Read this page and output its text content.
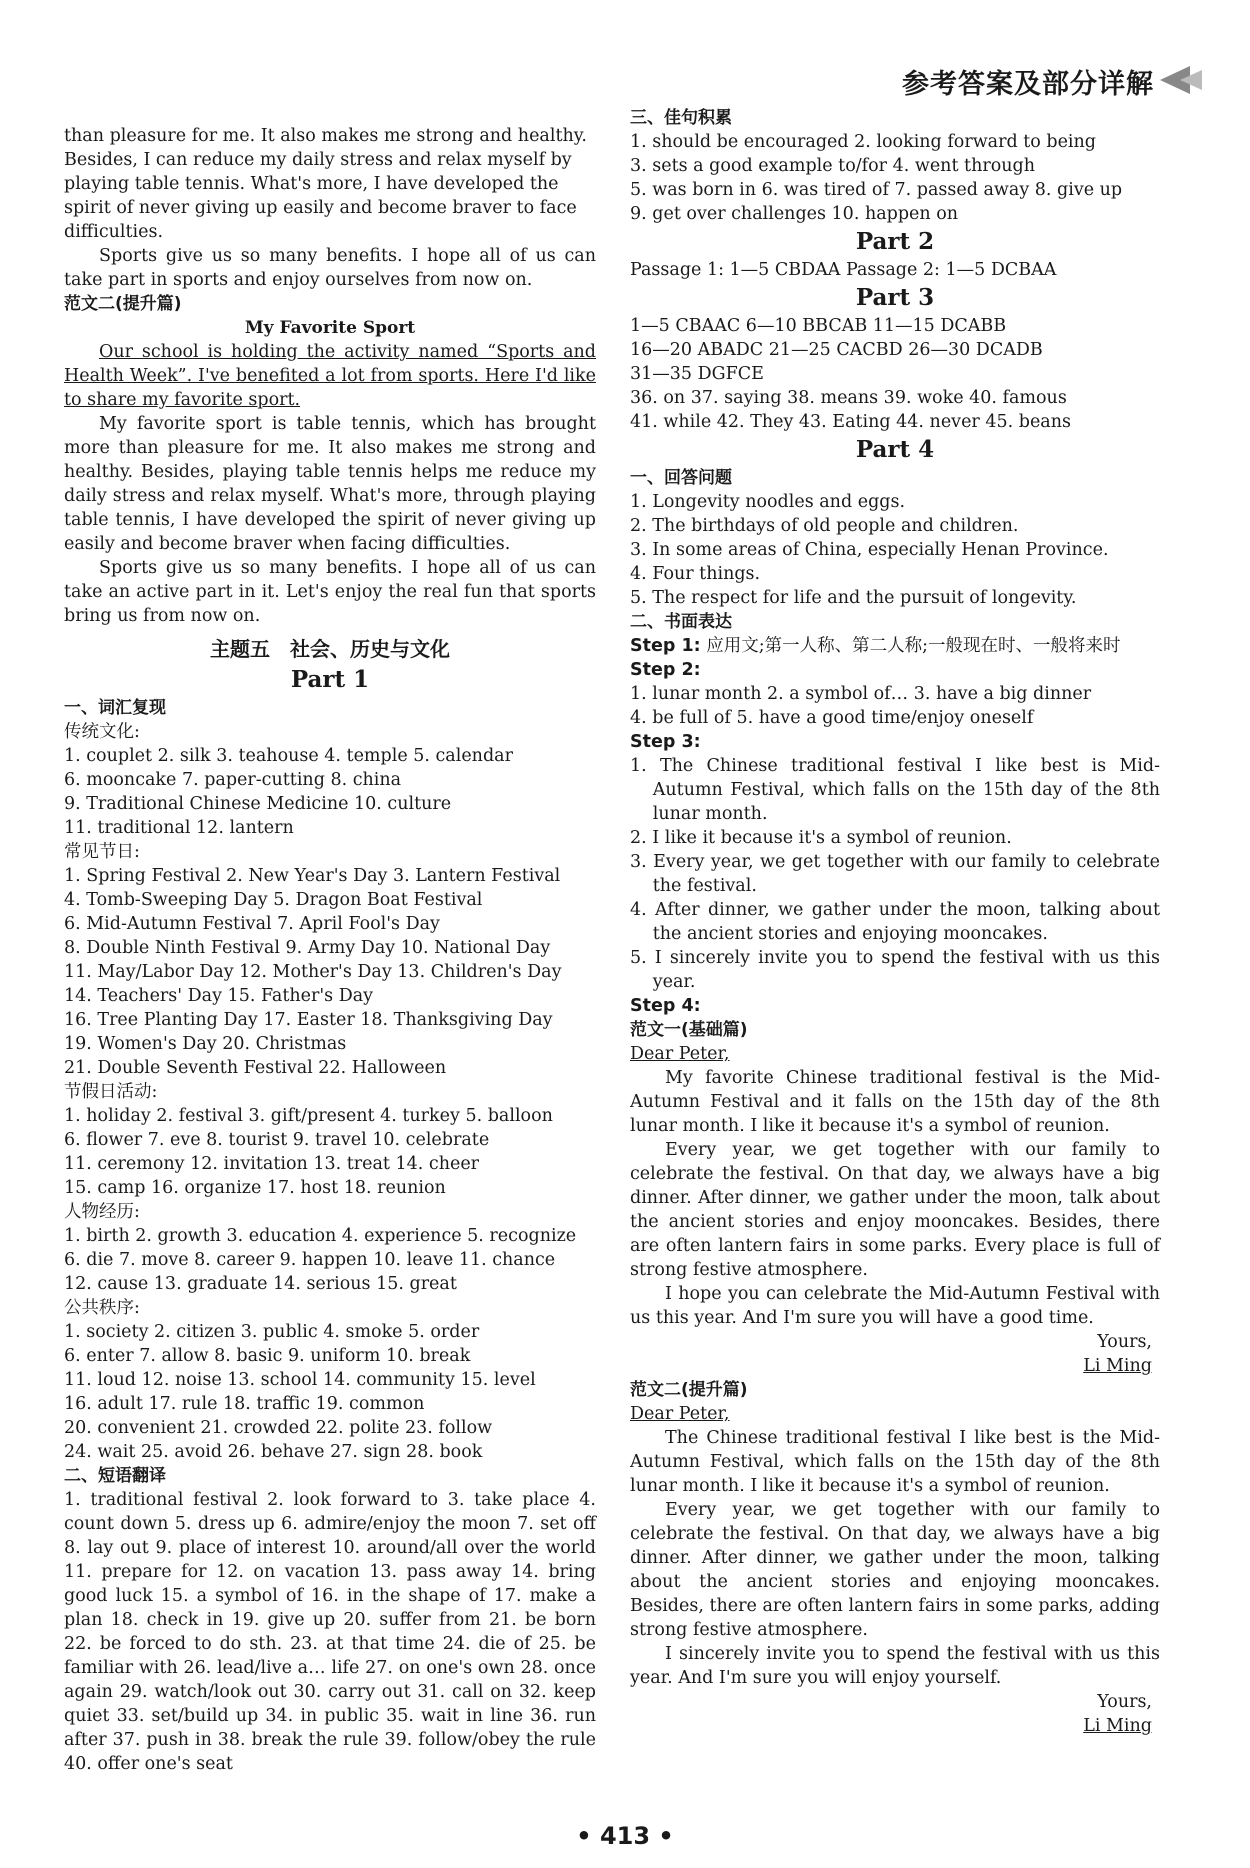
参考答案及部分详解

than pleasure for me. It also makes me strong and healthy.

Besides, I can reduce my daily stress and relax myself by

playing table tennis. What's more, I have developed the

spirit of never giving up easily and become braver to face

difficulties.

Sports give us so many benefits. I hope all of us can take part in sports and enjoy ourselves from now on.

范文二(提升篇)

My Favorite Sport

Our school is holding the activity named “Sports and Health Week”. I've benefited a lot from sports. Here I'd like to share my favorite sport.

My favorite sport is table tennis, which has brought more than pleasure for me. It also makes me strong and healthy. Besides, playing table tennis helps me reduce my daily stress and relax myself. What's more, through playing table tennis, I have developed the spirit of never giving up easily and become braver when facing difficulties.

Sports give us so many benefits. I hope all of us can take an active part in it. Let's enjoy the real fun that sports bring us from now on.

主题五　社会、历史与文化

Part 1

一、词汇复现

传统文化:

1. couplet 2. silk 3. teahouse 4. temple 5. calendar

6. mooncake 7. paper-cutting 8. china

9. Traditional Chinese Medicine 10. culture

11. traditional 12. lantern

常见节日:

1. Spring Festival 2. New Year's Day 3. Lantern Festival

4. Tomb-Sweeping Day 5. Dragon Boat Festival

6. Mid-Autumn Festival 7. April Fool's Day

8. Double Ninth Festival 9. Army Day 10. National Day

11. May/Labor Day 12. Mother's Day 13. Children's Day

14. Teachers' Day 15. Father's Day

16. Tree Planting Day 17. Easter 18. Thanksgiving Day

19. Women's Day 20. Christmas

21. Double Seventh Festival 22. Halloween

节假日活动:

1. holiday 2. festival 3. gift/present 4. turkey 5. balloon

6. flower 7. eve 8. tourist 9. travel 10. celebrate

11. ceremony 12. invitation 13. treat 14. cheer

15. camp 16. organize 17. host 18. reunion

人物经历:

1. birth 2. growth 3. education 4. experience 5. recognize

6. die 7. move 8. career 9. happen 10. leave 11. chance

12. cause 13. graduate 14. serious 15. great

公共秩序:

1. society 2. citizen 3. public 4. smoke 5. order

6. enter 7. allow 8. basic 9. uniform 10. break

11. loud 12. noise 13. school 14. community 15. level

16. adult 17. rule 18. traffic 19. common

20. convenient 21. crowded 22. polite 23. follow

24. wait 25. avoid 26. behave 27. sign 28. book

二、短语翻译

1. traditional festival 2. look forward to 3. take place 4. count down 5. dress up 6. admire/enjoy the moon 7. set off 8. lay out 9. place of interest 10. around/all over the world 11. prepare for 12. on vacation 13. pass away 14. bring good luck 15. a symbol of 16. in the shape of 17. make a plan 18. check in 19. give up 20. suffer from 21. be born 22. be forced to do sth. 23. at that time 24. die of 25. be familiar with 26. lead/live a… life 27. on one's own 28. once again 29. watch/look out 30. carry out 31. call on 32. keep quiet 33. set/build up 34. in public 35. wait in line 36. run after 37. push in 38. break the rule 39. follow/obey the rule 40. offer one's seat

三、佳句积累

1. should be encouraged 2. looking forward to being

3. sets a good example to/for 4. went through

5. was born in 6. was tired of 7. passed away 8. give up

9. get over challenges 10. happen on

Part 2

Passage 1: 1—5 CBDAA Passage 2: 1—5 DCBAA

Part 3

1—5 CBAAC 6—10 BBCAB 11—15 DCABB

16—20 ABADC 21—25 CACBD 26—30 DCADB

31—35 DGFCE

36. on 37. saying 38. means 39. woke 40. famous

41. while 42. They 43. Eating 44. never 45. beans

Part 4

一、回答问题

1. Longevity noodles and eggs.

2. The birthdays of old people and children.

3. In some areas of China, especially Henan Province.

4. Four things.

5. The respect for life and the pursuit of longevity.

二、书面表达

Step 1: 应用文;第一人称、第二人称;一般现在时、一般将来时

Step 2:

1. lunar month 2. a symbol of… 3. have a big dinner

4. be full of 5. have a good time/enjoy oneself

Step 3:

1. The Chinese traditional festival I like best is Mid-Autumn Festival, which falls on the 15th day of the 8th lunar month.

2. I like it because it's a symbol of reunion.

3. Every year, we get together with our family to celebrate the festival.

4. After dinner, we gather under the moon, talking about the ancient stories and enjoying mooncakes.

5. I sincerely invite you to spend the festival with us this year.

Step 4:

范文一(基础篇)

Dear Peter,

My favorite Chinese traditional festival is the Mid-Autumn Festival and it falls on the 15th day of the 8th lunar month. I like it because it's a symbol of reunion.

Every year, we get together with our family to celebrate the festival. On that day, we always have a big dinner. After dinner, we gather under the moon, talk about the ancient stories and enjoy mooncakes. Besides, there are often lantern fairs in some parks. Every place is full of strong festive atmosphere.

I hope you can celebrate the Mid-Autumn Festival with us this year. And I'm sure you will have a good time.

Yours,

Li Ming

范文二(提升篇)

Dear Peter,

The Chinese traditional festival I like best is the Mid-Autumn Festival, which falls on the 15th day of the 8th lunar month. I like it because it's a symbol of reunion.

Every year, we get together with our family to celebrate the festival. On that day, we always have a big dinner. After dinner, we gather under the moon, talking about the ancient stories and enjoying mooncakes. Besides, there are often lantern fairs in some parks, adding strong festive atmosphere.

I sincerely invite you to spend the festival with us this year. And I'm sure you will enjoy yourself.

Yours,

Li Ming

• 413 •
